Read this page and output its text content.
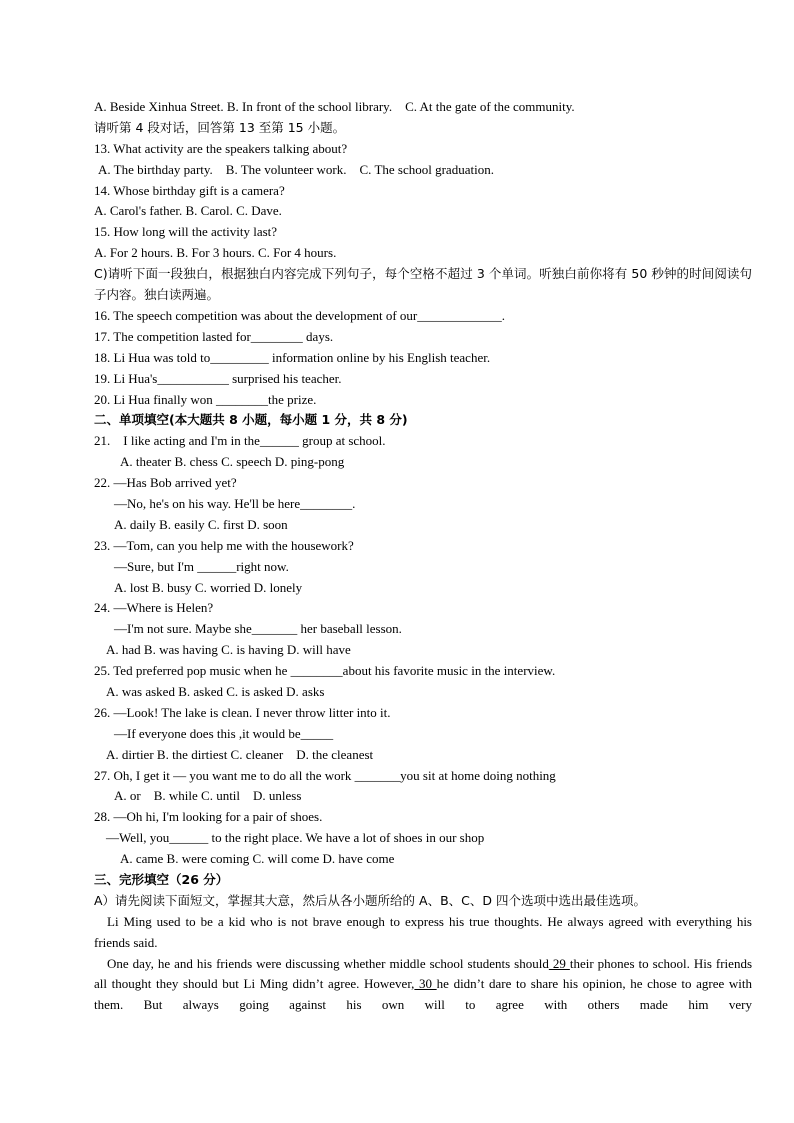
A. Beside Xinhua Street. B. In front of the school library.    C. At the gate of the community.
请听第 4 段对话，回答第 13 至第 15 小题。
13. What activity are the speakers talking about?
A. The birthday party.    B. The volunteer work.    C. The school graduation.
14. Whose birthday gift is a camera?
A. Carol's father. B. Carol. C. Dave.
15. How long will the activity last?
A. For 2 hours. B. For 3 hours. C. For 4 hours.
C)请听下面一段独白，根据独白内容完成下列句子，每个空格不超过 3 个单词。听独白前你将有 50 秒钟的时间阅读句子内容。独白读两遍。
16. The speech competition was about the development of our_____________.
17. The competition lasted for________ days.
18. Li Hua was told to_________ information online by his English teacher.
19. Li Hua's___________ surprised his teacher.
20. Li Hua finally won ________the prize.
二、单项填空(本大题共 8 小题，每小题 1 分，共 8 分)
21.    I like acting and I'm in the______ group at school.
A. theater B. chess C. speech D. ping-pong
22. —Has Bob arrived yet?
—No, he's on his way. He'll be here________.
A. daily B. easily C. first D. soon
23. —Tom, can you help me with the housework?
—Sure, but I'm ______right now.
A. lost B. busy C. worried D. lonely
24. —Where is Helen?
—I'm not sure. Maybe she_______ her baseball lesson.
A. had B. was having C. is having D. will have
25. Ted preferred pop music when he ________about his favorite music in the interview.
A. was asked B. asked C. is asked D. asks
26. —Look! The lake is clean. I never throw litter into it.
—If everyone does this ,it would be_____
A. dirtier B. the dirtiest C. cleaner    D. the cleanest
27. Oh, I get it — you want me to do all the work _______you sit at home doing nothing
A. or    B. while C. until    D. unless
28. —Oh hi, I'm looking for a pair of shoes.
—Well, you______ to the right place. We have a lot of shoes in our shop
A. came B. were coming C. will come D. have come
三、完形填空（26 分）
A）请先阅读下面短文，掌握其大意，然后从各小题所给的 A、B、C、D 四个选项中选出最佳选项。
Li Ming used to be a kid who is not brave enough to express his true thoughts. He always agreed with everything his friends said.
One day, he and his friends were discussing whether middle school students should 29 their phones to school. His friends all thought they should but Li Ming didn’t agree. However, 30 he didn’t dare to share his opinion, he chose to agree with them. But always going against his own will to agree with others made him very
